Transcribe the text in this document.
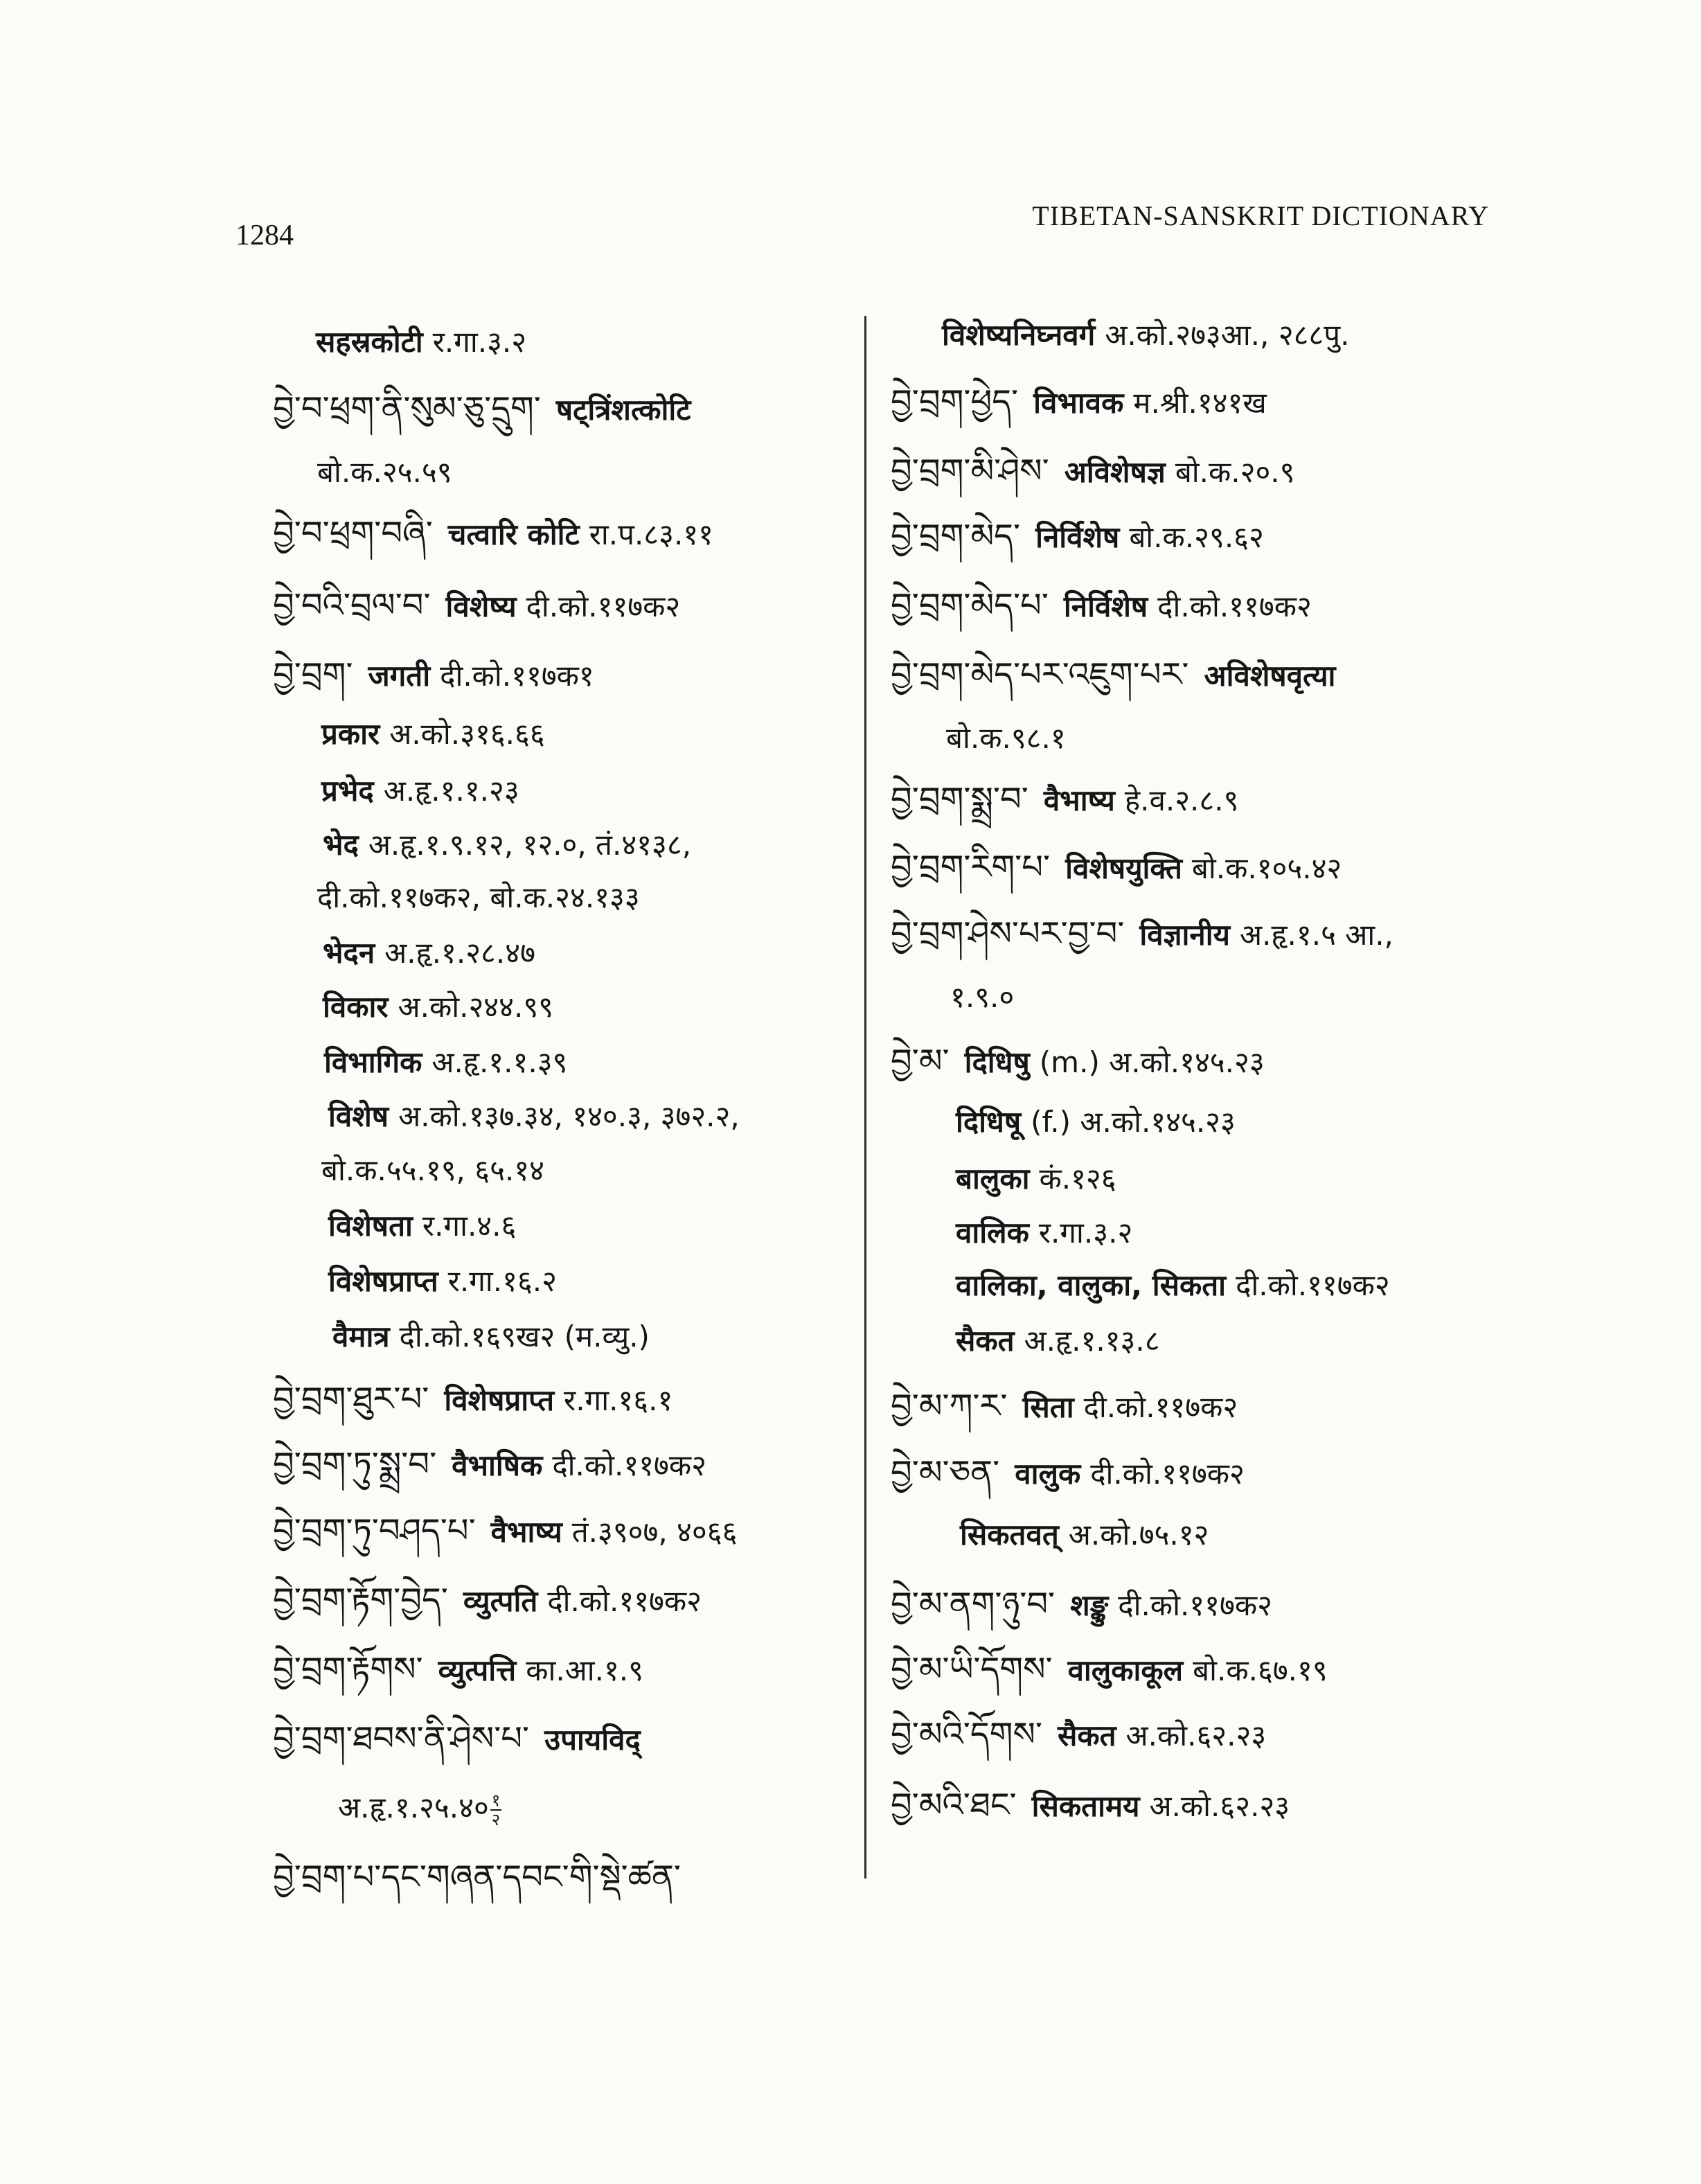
1284
TIBETAN-SANSKRIT DICTIONARY
सहस्रकोटी र.गा.३.२
བྱེ་བ་ཕྲག་ནི་སུམ་ཅུ་དྲུག་ षट्त्रिंशत्कोटि
बो.क.२५.५९
བྱེ་བ་ཕྲག་བཞི་ चत्वारि कोटि रा.प.८३.११
བྱེ་བའི་བྲལ་བ་ विशेष्य दी.को.११७क२
བྱེ་བྲག་ जगती दी.को.११७क१
प्रकार अ.को.३१६.६६
प्रभेद अ.हृ.१.१.२३
भेद अ.हृ.१.९.१२, १२.०, तं.४१३८,
दी.को.११७क२, बो.क.२४.१३३
भेदन अ.हृ.१.२८.४७
विकार अ.को.२४४.९९
विभागिक अ.हृ.१.१.३९
विशेष अ.को.१३७.३४, १४०.३, ३७२.२,
बो.क.५५.१९, ६५.१४
विशेषता र.गा.४.६
विशेषप्राप्त र.गा.१६.२
वैमात्र दी.को.१६९ख२ (म.व्यु.)
བྱེ་བྲག་ཐུར་པ་ विशेषप्राप्त र.गा.१६.१
བྱེ་བྲག་ཏུ་སྨྲ་བ་ वैभाषिक दी.को.११७क२
བྱེ་བྲག་ཏུ་བཤད་པ་ वैभाष्य तं.३९०७, ४०६६
བྱེ་བྲག་རྟོག་བྱེད་ व्युत्पति दी.को.११७क२
བྱེ་བྲག་རྟོགས་ व्युत्पत्ति का.आ.१.९
བྱེ་བྲག་ཐབས་ནི་ཤེས་པ་ उपायविद्
अ.हृ.१.२५.४० $\frac{१}{२}$
བྱེ་བྲག་པ་དང་གཞན་དབང་གི་སྡེ་ཚན་
विशेष्यनिघ्नवर्ग अ.को.२७३आ., २८८पु.
བྱེ་བྲག་ཕྱེད་ विभावक म.श्री.१४१ख
བྱེ་བྲག་མི་ཤེས་ अविशेषज्ञ बो.क.२०.९
བྱེ་བྲག་མེད་ निर्विशेष बो.क.२९.६२
བྱེ་བྲག་མེད་པ་ निर्विशेष दी.को.११७क२
བྱེ་བྲག་མེད་པར་འཇུག་པར་ अविशेषवृत्या
बो.क.९८.१
བྱེ་བྲག་སྨྲ་བ་ वैभाष्य हे.व.२.८.९
བྱེ་བྲག་རིག་པ་ विशेषयुक्ति बो.क.१०५.४२
བྱེ་བྲག་ཤེས་པར་བྱ་བ་ विज्ञानीय अ.हृ.१.५ आ.,
१.९.०
བྱེ་མ་ दिधिषु (m.) अ.को.१४५.२३
दिधिषू (f.) अ.को.१४५.२३
बालुका कं.१२६
वालिक र.गा.३.२
वालिका, वालुका, सिकता दी.को.११७क२
सैकत अ.हृ.१.१३.८
བྱེ་མ་ཀ་ར་ सिता दी.को.११७क२
བྱེ་མ་ཅན་ वालुक दी.को.११७क२
सिकतवत् अ.को.७५.१२
བྱེ་མ་ནག་ཉུ་བ་ शङ्कु दी.को.११७क२
བྱེ་མ་ཡི་དོགས་ वालुकाकूल बो.क.६७.१९
བྱེ་མའི་དོགས་ सैकत अ.को.६२.२३
བྱེ་མའི་ཐང་ सिकतामय अ.को.६२.२३
